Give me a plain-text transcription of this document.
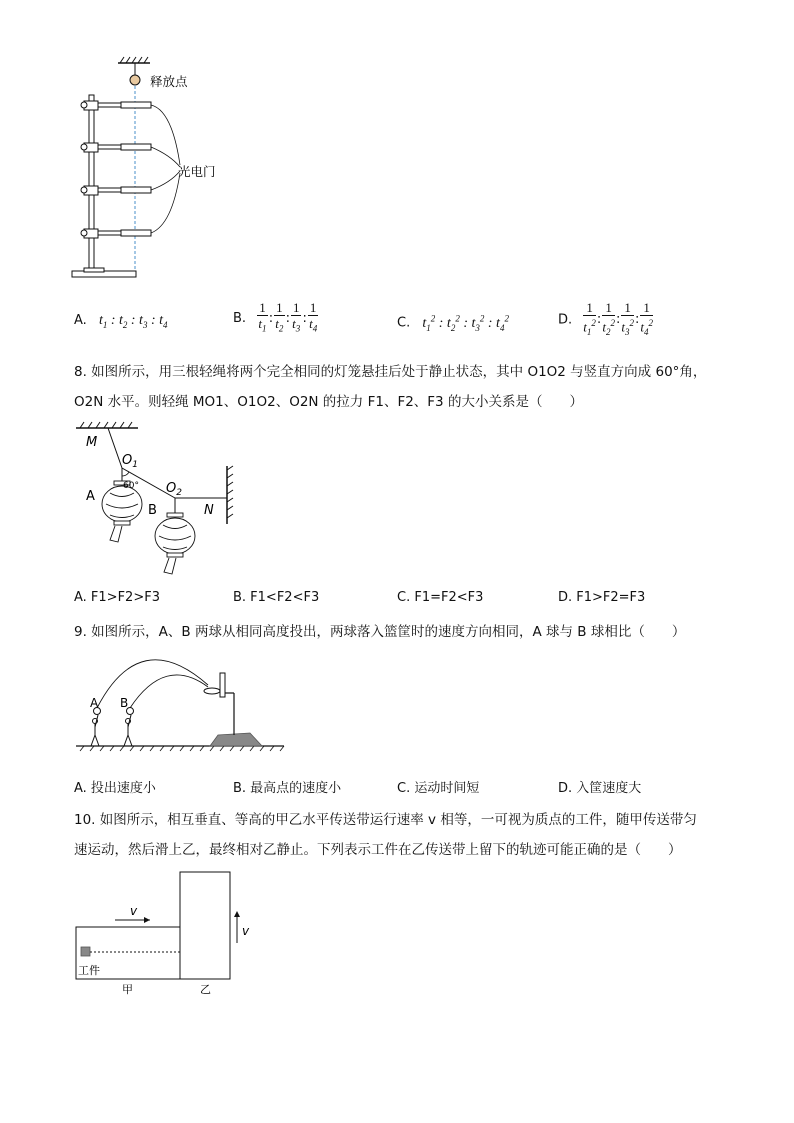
释放点
光电门
A. $t_1$ : $t_2$ : $t_3$ : $t_4$	B. $\frac{1}{t_1}$ : $\frac{1}{t_2}$ : $\frac{1}{t_3}$ : $\frac{1}{t_4}$	C. $t_1^2$ : $t_2^2$ : $t_3^2$ : $t_4^2$	D. $\frac{1}{t_1^2}$ : $\frac{1}{t_2^2}$ : $\frac{1}{t_3^2}$ : $\frac{1}{t_4^2}$
8. 如图所示，用三根轻绳将两个完全相同的灯笼悬挂后处于静止状态，其中 O1O2 与竖直方向成 60°角，
O2N 水平。则轻绳 MO1、O1O2、O2N 的拉力 F1、F2、F3 的大小关系是（　　）
M
$O_1$
60° $O_2$
N
A
B
A. F1>F2>F3	B. F1<F2<F3	C. F1=F2<F3	D. F1>F2=F3
9. 如图所示，A、B 两球从相同高度投出，两球落入篮筐时的速度方向相同，A 球与 B 球相比（　　）
A B
A. 投出速度小	B. 最高点的速度小	C. 运动时间短	D. 入筐速度大
10. 如图所示，相互垂直、等高的甲乙水平传送带运行速率 v 相等，一可视为质点的工件，随甲传送带匀
速运动，然后滑上乙，最终相对乙静止。下列表示工件在乙传送带上留下的轨迹可能正确的是（　　）
v
v
工件
甲	乙
